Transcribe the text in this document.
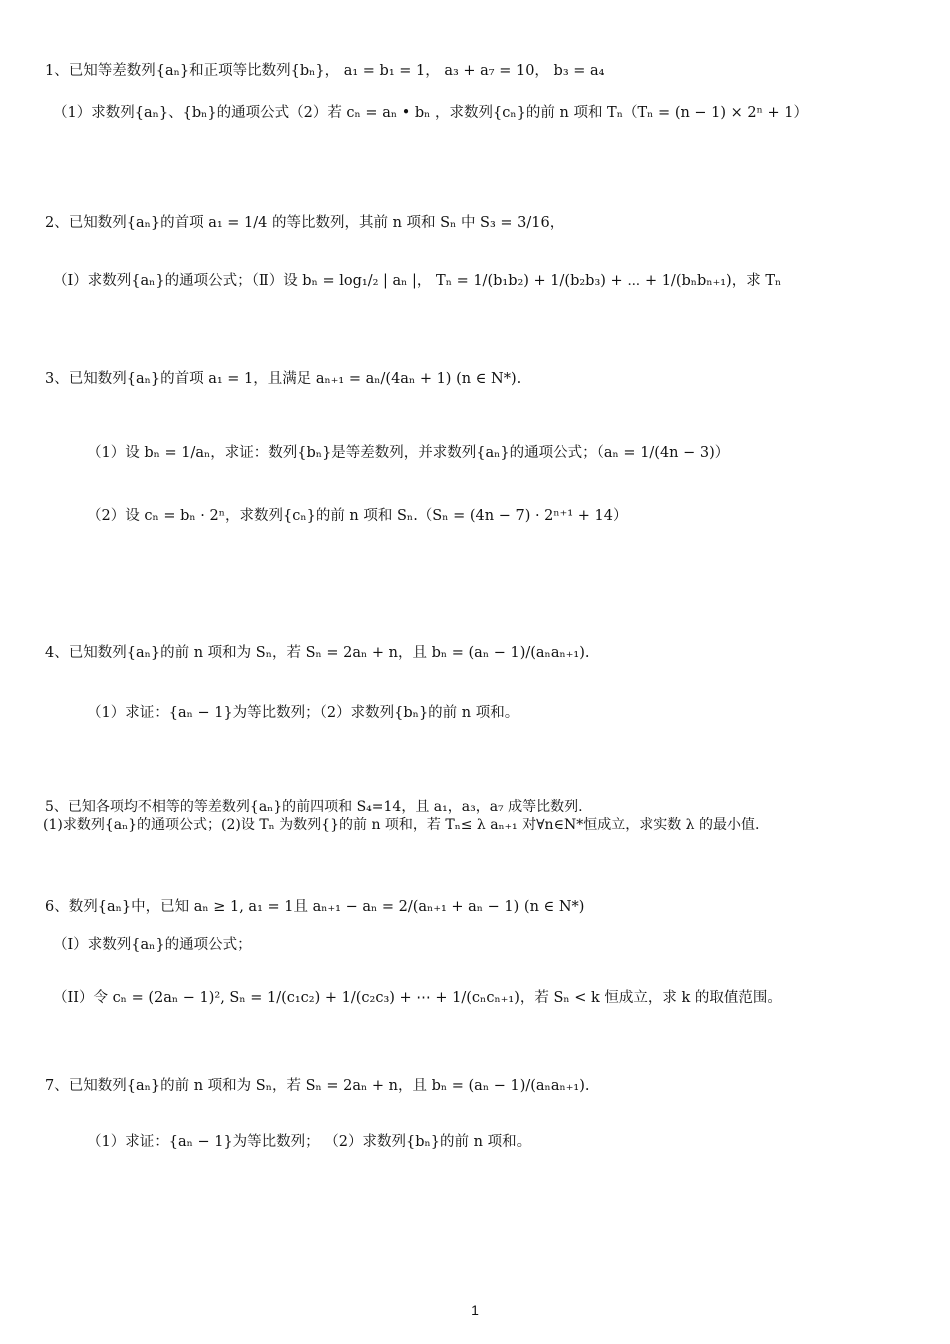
1、已知等差数列{aₙ}和正项等比数列{bₙ}， a₁ = b₁ = 1， a₃ + a₇ = 10， b₃ = a₄

（1）求数列{aₙ}、{bₙ}的通项公式（2）若 cₙ = aₙ • bₙ ，求数列{cₙ}的前 n 项和 Tₙ（Tₙ = (n − 1) × 2ⁿ + 1）

2、已知数列{aₙ}的首项 a₁ = 1/4 的等比数列，其前 n 项和 Sₙ 中 S₃ = 3/16，

（Ⅰ）求数列{aₙ}的通项公式；（Ⅱ）设 bₙ = log₁/₂ | aₙ |， Tₙ = 1/(b₁b₂) + 1/(b₂b₃) + ⋯ + 1/(bₙbₙ₊₁)，求 Tₙ

3、已知数列{aₙ}的首项 a₁ = 1，且满足 aₙ₊₁ = aₙ/(4aₙ + 1) (n ∈ N*).

（1）设 bₙ = 1/aₙ，求证：数列{bₙ}是等差数列，并求数列{aₙ}的通项公式；（aₙ = 1/(4n − 3)）

（2）设 cₙ = bₙ · 2ⁿ，求数列{cₙ}的前 n 项和 Sₙ.（Sₙ = (4n − 7) · 2ⁿ⁺¹ + 14）

4、已知数列{aₙ}的前 n 项和为 Sₙ，若 Sₙ = 2aₙ + n，且 bₙ = (aₙ − 1)/(aₙaₙ₊₁).

（1）求证：{aₙ − 1}为等比数列；（2）求数列{bₙ}的前 n 项和。

5、已知各项均不相等的等差数列{aₙ}的前四项和 S₄=14，且 a₁，a₃，a₇ 成等比数列.

(1)求数列{aₙ}的通项公式；(2)设 Tₙ 为数列{}的前 n 项和，若 Tₙ≤ λ aₙ₊₁ 对∀n∈N*恒成立，求实数 λ 的最小值.

6、数列{aₙ}中，已知 aₙ ≥ 1, a₁ = 1且 aₙ₊₁ − aₙ = 2/(aₙ₊₁ + aₙ − 1) (n ∈ N*)

（I）求数列{aₙ}的通项公式；

（II）令 cₙ = (2aₙ − 1)², Sₙ = 1/(c₁c₂) + 1/(c₂c₃) + ⋯ + 1/(cₙcₙ₊₁)，若 Sₙ < k 恒成立，求 k 的取值范围。

7、已知数列{aₙ}的前 n 项和为 Sₙ，若 Sₙ = 2aₙ + n，且 bₙ = (aₙ − 1)/(aₙaₙ₊₁).

（1）求证：{aₙ − 1}为等比数列； （2）求数列{bₙ}的前 n 项和。

1
